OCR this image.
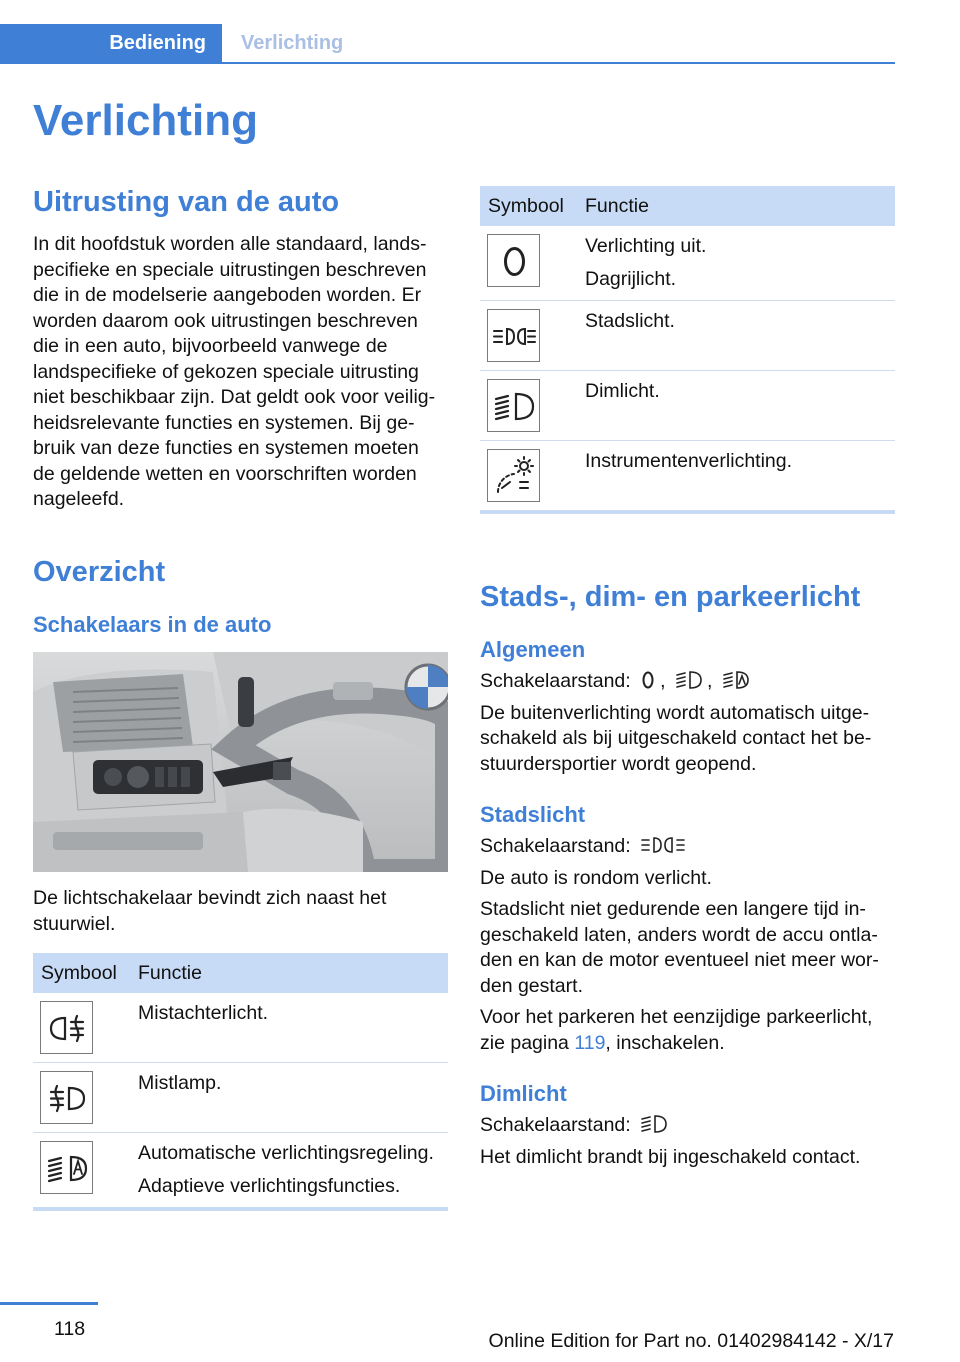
Bediening Verlichting
Verlichting
Uitrusting van de auto
In dit hoofdstuk worden alle standaard, lands‐
pecifieke en speciale uitrustingen beschreven
die in de modelserie aangeboden worden. Er
worden daarom ook uitrustingen beschreven
die in een auto, bijvoorbeeld vanwege de
landspecifieke of gekozen speciale uitrusting
niet beschikbaar zijn. Dat geldt ook voor veilig‐
heidsrelevante functies en systemen. Bij ge‐
bruik van deze functies en systemen moeten
de geldende wetten en voorschriften worden
nageleefd.
Overzicht
Schakelaars in de auto
De lichtschakelaar bevindt zich naast het
stuurwiel.
Symbool	Functie

Mistachterlicht.

Mistlamp.

Automatische verlichtingsregeling.
Adaptieve verlichtingsfuncties.
Symbool	Functie

Verlichting uit.
Dagrijlicht.

Stadslicht.

Dimlicht.

Instrumentenverlichting.
Stads-, dim- en parkeerlicht
Algemeen
Schakelaarstand: , ,
De buitenverlichting wordt automatisch uitge‐
schakeld als bij uitgeschakeld contact het be‐
stuurdersportier wordt geopend.
Stadslicht
Schakelaarstand:
De auto is rondom verlicht.
Stadslicht niet gedurende een langere tijd in‐
geschakeld laten, anders wordt de accu ontla‐
den en kan de motor eventueel niet meer wor‐
den gestart.
Voor het parkeren het eenzijdige parkeerlicht,
zie pagina 119, inschakelen.
Dimlicht
Schakelaarstand:
Het dimlicht brandt bij ingeschakeld contact.
118
Online Edition for Part no. 01402984142 - X/17
